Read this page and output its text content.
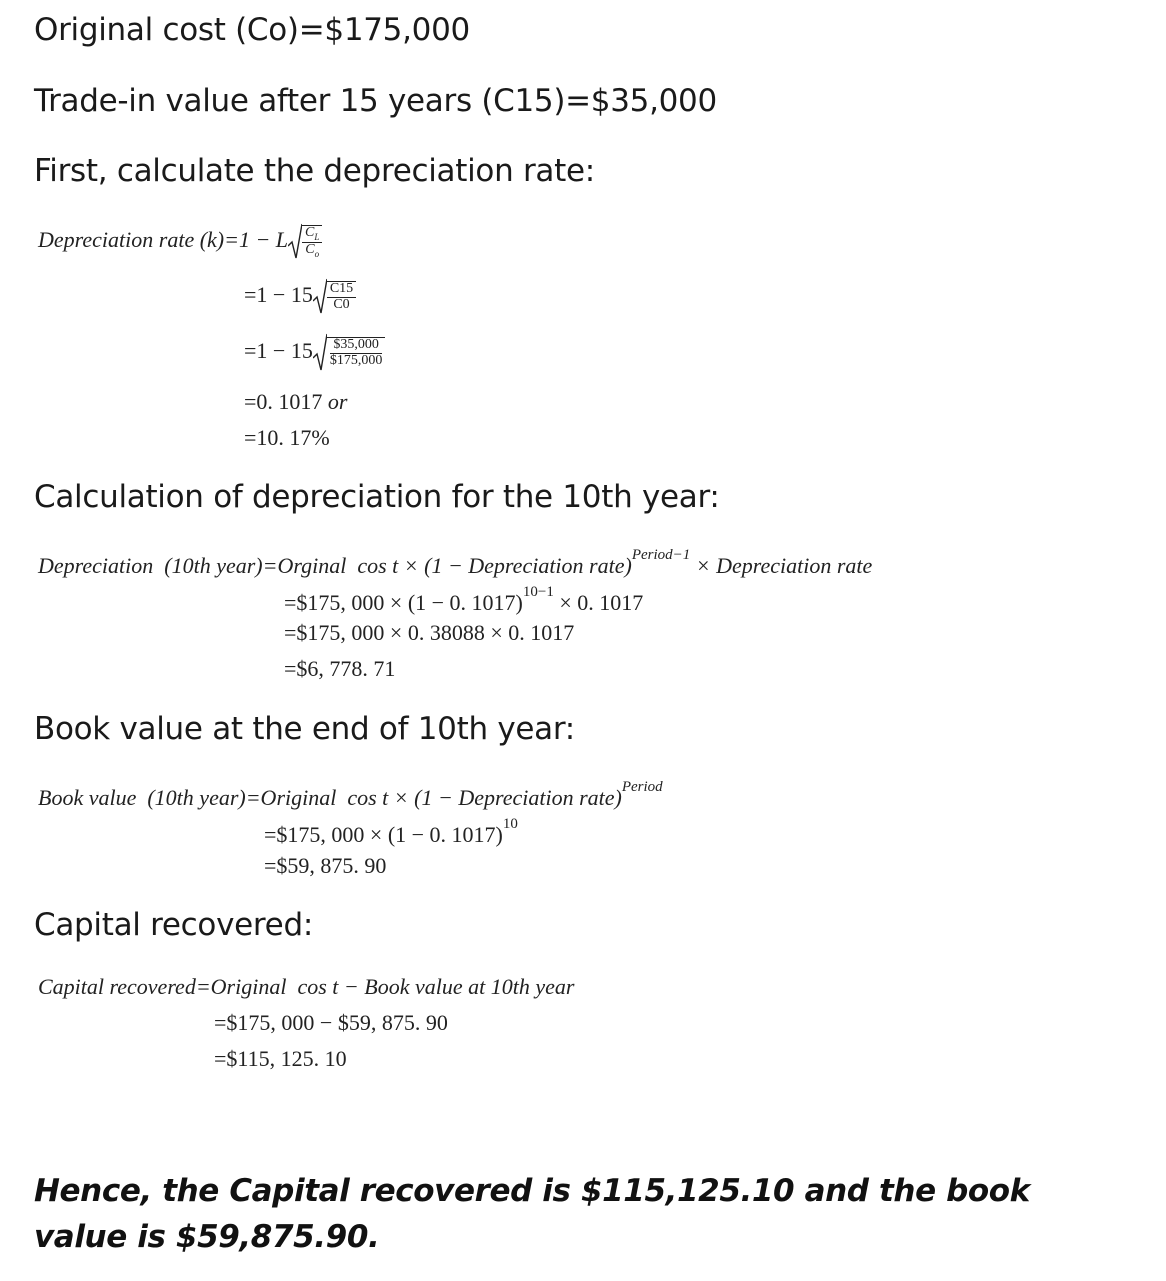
Original cost (Co)=$175,000
Trade-in value after 15 years (C15)=$35,000
First, calculate the depreciation rate:
Depreciation rate (k)=1 − L $\frac{C_L}{C_o}$
$=1 - 15 \frac{C15}{C0}$
$=1 - 15 \frac{\$35,000}{\$175,000}$
=0. 1017 or
=10. 17%
Calculation of depreciation for the 10th year:
Depreciation (10th year)=Orginal cos t × (1 − Depreciation rate)$^{Period-1}$ × Depreciation rate
=$175, 000 × (1 − 0. 1017)$^{10-1}$ × 0. 1017
=$175, 000 × 0. 38088 × 0. 1017
=$6, 778. 71
Book value at the end of 10th year:
Book value (10th year)=Original cos t × (1 − Depreciation rate)$^{Period}$
=$175, 000 × (1 − 0. 1017)$^{10}$
=$59, 875. 90
Capital recovered:
Capital recovered=Original cos t − Book value at 10th year
=$175, 000 − $59, 875. 90
=$115, 125. 10
Hence, the Capital recovered is $115,125.10 and the book value is $59,875.90.
